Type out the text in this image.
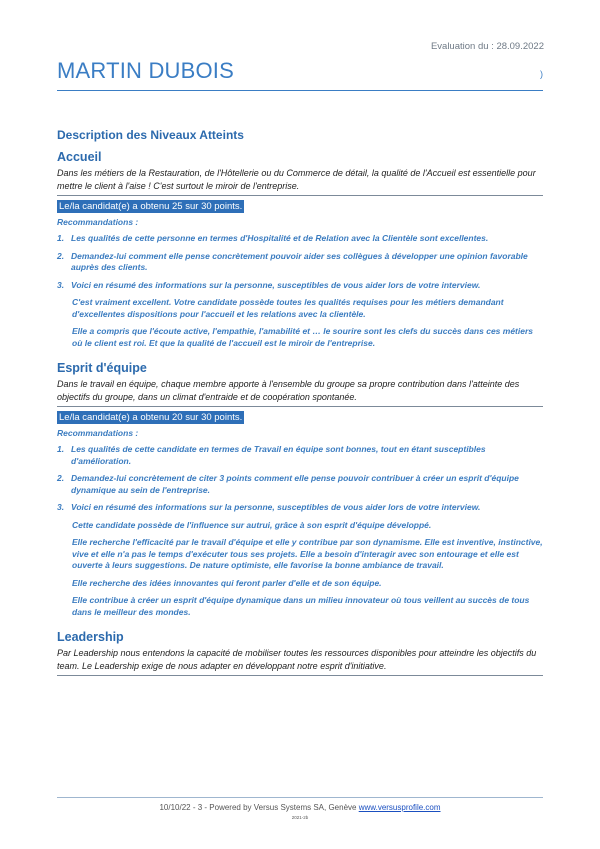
Evaluation du : 28.09.2022
MARTIN DUBOIS	)
Description des Niveaux Atteints
Accueil

Dans les métiers de la Restauration, de l'Hôtellerie ou du Commerce de détail, la qualité de l'Accueil est essentielle pour mettre le client à l'aise ! C'est surtout le miroir de l'entreprise.

Le/la candidat(e) a obtenu 25 sur 30 points.
Recommandations :
1. Les qualités de cette personne en termes d'Hospitalité et de Relation avec la Clientèle sont excellentes.
2. Demandez-lui comment elle pense concrètement pouvoir aider ses collègues à développer une opinion favorable auprès des clients.
3. Voici en résumé des informations sur la personne, susceptibles de vous aider lors de votre interview.

C'est vraiment excellent. Votre candidate possède toutes les qualités requises pour les métiers demandant d'excellentes dispositions pour l'accueil et les relations avec la clientèle.

Elle a compris que l'écoute active, l'empathie, l'amabilité et … le sourire sont les clefs du succès dans ces métiers où le client est roi. Et que la qualité de l'accueil est le miroir de l'entreprise.

Esprit d'équipe

Dans le travail en équipe, chaque membre apporte à l'ensemble du groupe sa propre contribution dans l'atteinte des objectifs du groupe, dans un climat d'entraide et de coopération spontanée.

Le/la candidat(e) a obtenu 20 sur 30 points.
Recommandations :
1. Les qualités de cette candidate en termes de Travail en équipe sont bonnes, tout en étant susceptibles d'amélioration.
2. Demandez-lui concrètement de citer 3 points comment elle pense pouvoir contribuer à créer un esprit d'équipe dynamique au sein de l'entreprise.
3. Voici en résumé des informations sur la personne, susceptibles de vous aider lors de votre interview.

Cette candidate possède de l'influence sur autrui, grâce à son esprit d'équipe développé.

Elle recherche l'efficacité par le travail d'équipe et elle y contribue par son dynamisme. Elle est inventive, instinctive, vive et elle n'a pas le temps d'exécuter tous ses projets. Elle a besoin d'interagir avec son entourage et elle est ouverte à leurs suggestions. De nature optimiste, elle favorise la bonne ambiance de travail.

Elle recherche des idées innovantes qui feront parler d'elle et de son équipe.

Elle contribue à créer un esprit d'équipe dynamique dans un milieu innovateur où tous veillent au succès de tous dans le meilleur des mondes.

Leadership

Par Leadership nous entendons la capacité de mobiliser toutes les ressources disponibles pour atteindre les objectifs du team. Le Leadership exige de nous adapter en développant notre esprit d'initiative.

10/10/22 - 3 - Powered by Versus Systems SA, Genève www.versusprofile.com
2021-2b
